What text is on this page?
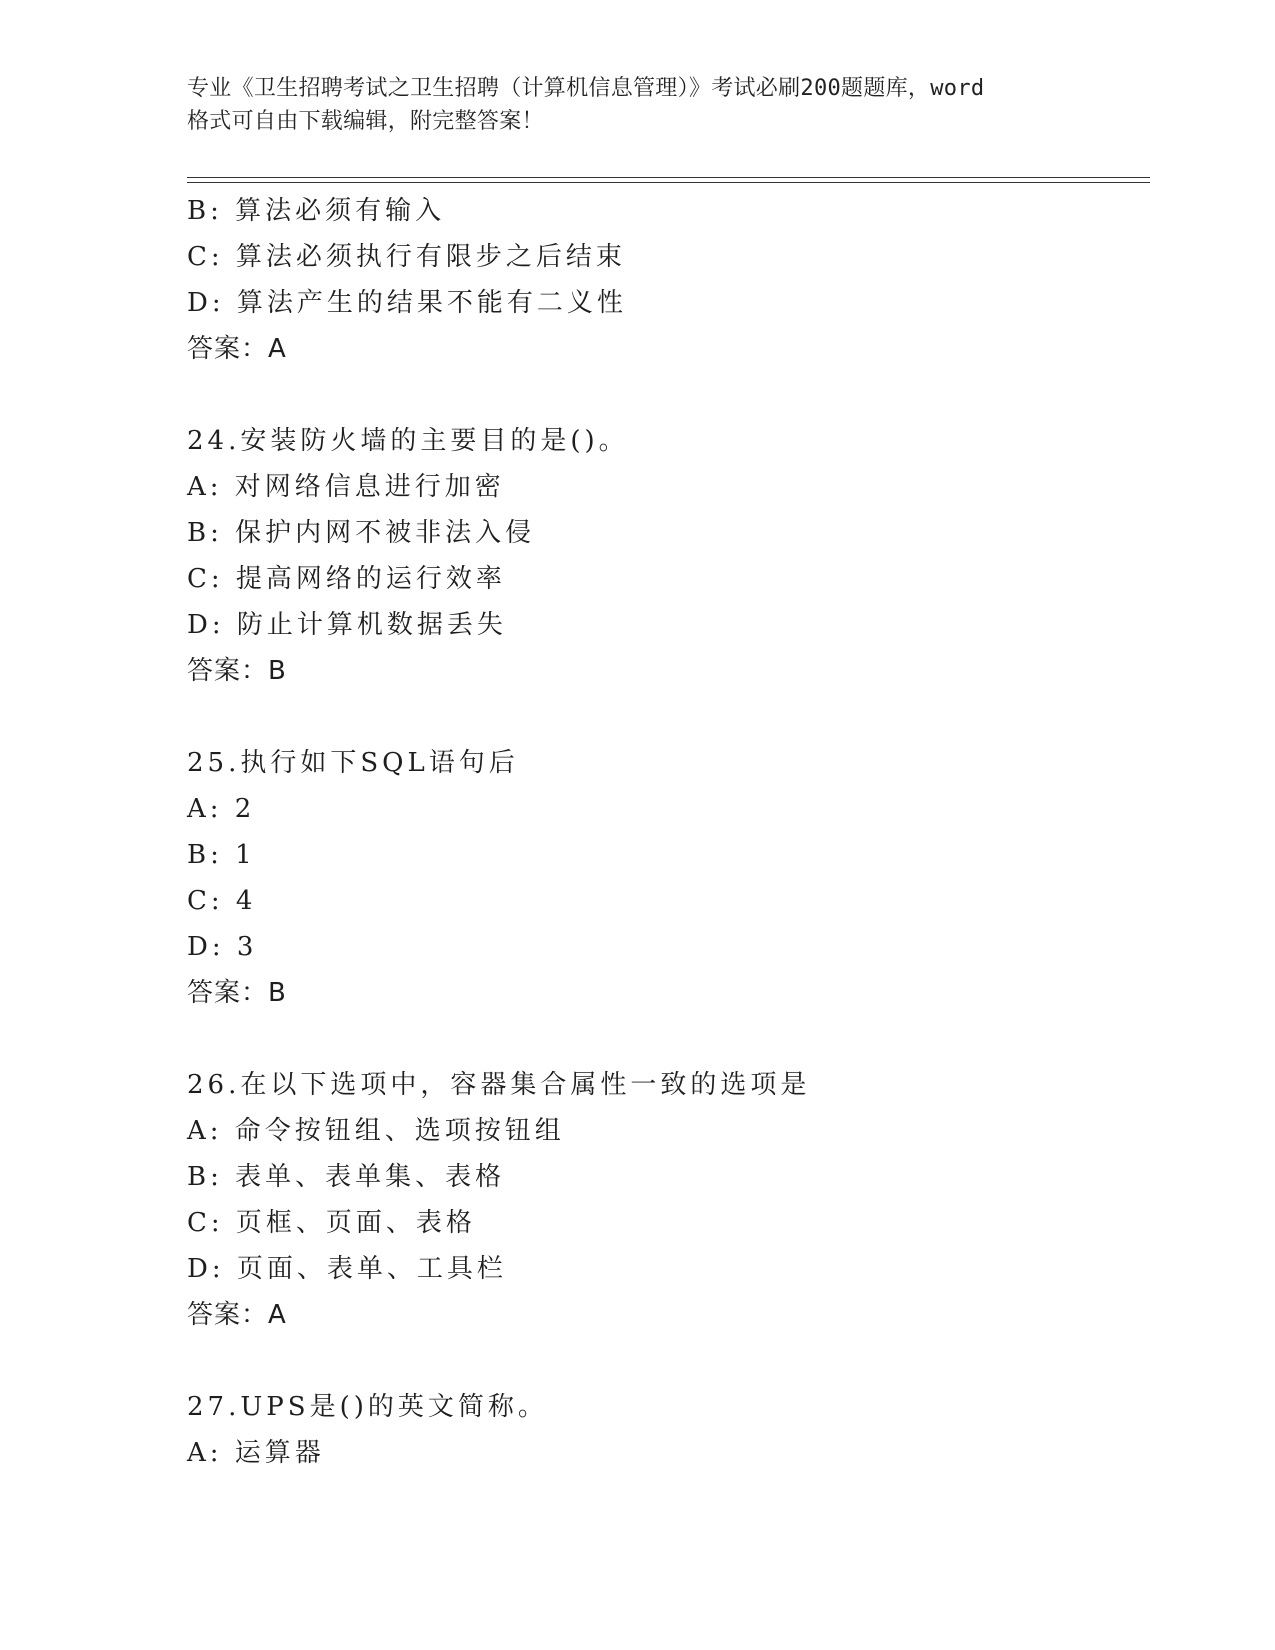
专业《卫生招聘考试之卫生招聘（计算机信息管理）》考试必刷200题题库，word
格式可自由下载编辑，附完整答案！
B: 算法必须有输入
C: 算法必须执行有限步之后结束
D: 算法产生的结果不能有二义性
答案：A
24.安装防火墙的主要目的是()。
A: 对网络信息进行加密
B: 保护内网不被非法入侵
C: 提高网络的运行效率
D: 防止计算机数据丢失
答案：B
25.执行如下SQL语句后
A: 2
B: 1
C: 4
D: 3
答案：B
26.在以下选项中，容器集合属性一致的选项是
A: 命令按钮组、选项按钮组
B: 表单、表单集、表格
C: 页框、页面、表格
D: 页面、表单、工具栏
答案：A
27.UPS是()的英文简称。
A: 运算器
